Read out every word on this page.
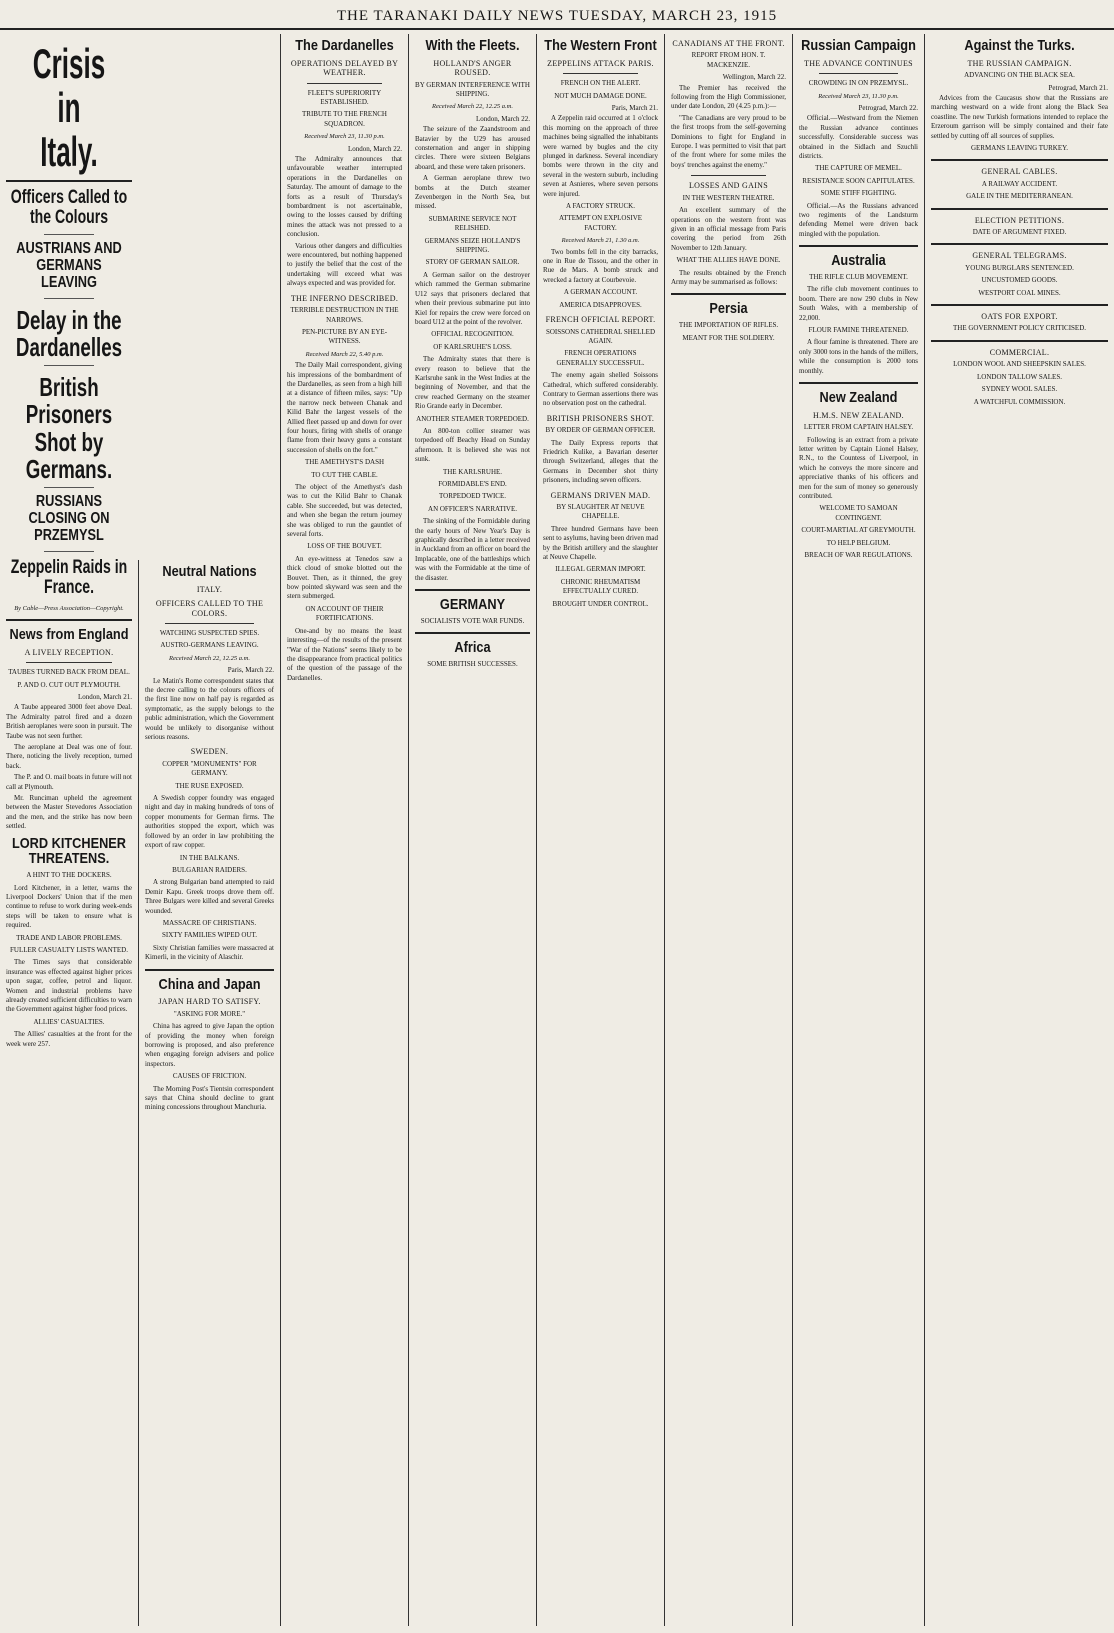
THE TARANAKI DAILY NEWS TUESDAY, MARCH 23, 1915
Crisis in Italy.
Officers Called to the Colours
AUSTRIANS AND GERMANS LEAVING
Delay in the Dardanelles
British Prisoners Shot by Germans.
RUSSIANS CLOSING ON PRZEMYSL
Zeppelin Raids in France.
By Cable—Press Association—Copyright.
News from England
A LIVELY RECEPTION.
TAUBES TURNED BACK FROM DEAL.
P. AND O. CUT OUT PLYMOUTH.
London, March 21.

A Taube appeared 3000 feet above Deal. The Admiralty patrol fired and a dozen British aeroplanes were soon in pursuit. The Taube was not seen further.

The aeroplane at Deal was one of four. There, noticing the lively reception, turned back.

The P. and O. mail boats in future will not call at Plymouth.

Mr. Runciman upheld the agreement between the Master Stevedores Association and the men, and the strike has now been settled.

LORD KITCHENER THREATENS.
A HINT TO THE DOCKERS.

Lord Kitchener, in a letter, warns the Liverpool Dockers' Union that if the men continue to refuse to work during week-ends steps will be taken to ensure what is required.

TRADE AND LABOR PROBLEMS.
FULLER CASUALTY LISTS WANTED.

The Times says that considerable insurance was effected against higher prices upon sugar, coffee, petrol and liquor. Women and industrial problems have already created sufficient difficulties to warn the Government against higher food prices.

ALLIES' CASUALTIES.

The Allies' casualties at the front for the week were 257.

Neutral Nations
ITALY.
OFFICERS CALLED TO THE COLORS.
WATCHING SUSPECTED SPIES.
AUSTRO-GERMANS LEAVING.
Received March 22, 12.25 a.m.
Paris, March 22.

Le Matin's Rome correspondent states that the decree calling to the colours officers of the first line now on half pay is regarded as symptomatic, as the supply belongs to the public administration, which the Government would be unlikely to disorganise without serious reasons.

SWEDEN.
COPPER "MONUMENTS" FOR GERMANY.
THE RUSE EXPOSED.

A Swedish copper foundry was engaged night and day in making hundreds of tons of copper monuments for German firms. The authorities stopped the export, which was followed by an order in law prohibiting the export of raw copper.

IN THE BALKANS.
BULGARIAN RAIDERS.

A strong Bulgarian band attempted to raid Demir Kapu. Greek troops drove them off. Three Bulgars were killed and several Greeks wounded.

MASSACRE OF CHRISTIANS.
SIXTY FAMILIES WIPED OUT.

Sixty Christian families were massacred at Kimerli, in the vicinity of Alaschir.

China and Japan
JAPAN HARD TO SATISFY.
"ASKING FOR MORE."

China has agreed to give Japan the option of providing the money when foreign borrowing is proposed, and also preference when engaging foreign advisers and police inspectors.

CAUSES OF FRICTION.

The Morning Post's Tientsin correspondent says that China should decline to grant mining concessions throughout Manchuria.

The Dardanelles
OPERATIONS DELAYED BY WEATHER.
FLEET'S SUPERIORITY ESTABLISHED.
TRIBUTE TO THE FRENCH SQUADRON.
Received March 23, 11.30 p.m.
London, March 22.

The Admiralty announces that unfavourable weather interrupted operations in the Dardanelles on Saturday. The amount of damage to the forts as a result of Thursday's bombardment is not ascertainable, owing to the losses caused by drifting mines the attack was not pressed to a conclusion.

Various other dangers and difficulties were encountered, but nothing happened to justify the belief that the cost of the undertaking will exceed what was always expected and was provided for.

THE INFERNO DESCRIBED.
TERRIBLE DESTRUCTION IN THE NARROWS.
PEN-PICTURE BY AN EYE-WITNESS.
Received March 22, 5.40 p.m.

The Daily Mail correspondent, giving his impressions of the bombardment of the Dardanelles, as seen from a high hill at a distance of fifteen miles, says: "Up the narrow neck between Chanak and Kilid Bahr the largest vessels of the Allied fleet passed up and down for over four hours, firing with shells of orange flame from their heavy guns a constant succession of shells on the fort."

THE AMETHYST'S DASH
TO CUT THE CABLE.

The object of the Amethyst's dash was to cut the Kilid Bahr to Chanak cable. She succeeded, but was detected, and when she began the return journey she was obliged to run the gauntlet of several forts.

LOSS OF THE BOUVET.

An eye-witness at Tenedos saw a thick cloud of smoke blotted out the Bouvet. Then, as it thinned, the grey bow pointed skyward was seen and the stern submerged.

ON ACCOUNT OF THEIR FORTIFICATIONS.

One-and by no means the least interesting—of the results of the present "War of the Nations" seems likely to be the disappearance from practical politics of the question of the passage of the Dardanelles.

With the Fleets.
HOLLAND'S ANGER ROUSED.
BY GERMAN INTERFERENCE WITH SHIPPING.
Received March 22, 12.25 a.m.
London, March 22.

The seizure of the Zaandstroom and Batavier by the U29 has aroused consternation and anger in shipping circles. There were sixteen Belgians aboard, and these were taken prisoners.

A German aeroplane threw two bombs at the Dutch steamer Zevenbergen in the North Sea, but missed.

SUBMARINE SERVICE NOT RELISHED.
GERMANS SEIZE HOLLAND'S SHIPPING.
STORY OF GERMAN SAILOR.

A German sailor on the destroyer which rammed the German submarine U12 says that prisoners declared that when their previous submarine put into Kiel for repairs the crew were forced on board U12 at the point of the revolver.

OFFICIAL RECOGNITION.
OF KARLSRUHE'S LOSS.

The Admiralty states that there is every reason to believe that the Karlsruhe sank in the West Indies at the beginning of November, and that the crew reached Germany on the steamer Rio Grande early in December.

ANOTHER STEAMER TORPEDOED.

An 800-ton collier steamer was torpedoed off Beachy Head on Sunday afternoon. It is believed she was not sunk.

THE KARLSRUHE.
FORMIDABLE'S END.
TORPEDOED TWICE.
AN OFFICER'S NARRATIVE.

The sinking of the Formidable during the early hours of New Year's Day is graphically described in a letter received in Auckland from an officer on board the Implacable, one of the battleships which was with the Formidable at the time of the disaster.

GERMANY
SOCIALISTS VOTE WAR FUNDS.
Africa
SOME BRITISH SUCCESSES.
The Western Front
ZEPPELINS ATTACK PARIS.
FRENCH ON THE ALERT.
NOT MUCH DAMAGE DONE.
Paris, March 21.

A Zeppelin raid occurred at 1 o'clock this morning on the approach of three machines being signalled the inhabitants were warned by bugles and the city plunged in darkness. Several incendiary bombs were thrown in the city and several in the western suburb, including seven at Asnieres, where seven persons were injured.

A FACTORY STRUCK.
ATTEMPT ON EXPLOSIVE FACTORY.
Received March 21, 1.30 a.m.

Two bombs fell in the city barracks, one in Rue de Tissou, and the other in Rue de Mars. A bomb struck and wrecked a factory at Courbevoie.

A GERMAN ACCOUNT.
AMERICA DISAPPROVES.
FRENCH OFFICIAL REPORT.
SOISSONS CATHEDRAL SHELLED AGAIN.
FRENCH OPERATIONS GENERALLY SUCCESSFUL.

The enemy again shelled Soissons Cathedral, which suffered considerably. Contrary to German assertions there was no observation post on the cathedral.

BRITISH PRISONERS SHOT.
BY ORDER OF GERMAN OFFICER.

The Daily Express reports that Friedrich Kulike, a Bavarian deserter through Switzerland, alleges that the Germans in December shot thirty prisoners, including seven officers.

GERMANS DRIVEN MAD.
BY SLAUGHTER AT NEUVE CHAPELLE.

Three hundred Germans have been sent to asylums, having been driven mad by the British artillery and the slaughter at Neuve Chapelle.

ILLEGAL GERMAN IMPORT.
CHRONIC RHEUMATISM EFFECTUALLY CURED.
BROUGHT UNDER CONTROL.
CANADIANS AT THE FRONT.
REPORT FROM HON. T. MACKENZIE.
Wellington, March 22.

The Premier has received the following from the High Commissioner, under date London, 20 (4.25 p.m.):—

"The Canadians are very proud to be the first troops from the self-governing Dominions to fight for England in Europe. I was permitted to visit that part of the front where for some miles the boys' trenches against the enemy."

LOSSES AND GAINS
IN THE WESTERN THEATRE.

An excellent summary of the operations on the western front was given in an official message from Paris covering the period from 26th November to 12th January.

WHAT THE ALLIES HAVE DONE.

The results obtained by the French Army may be summarised as follows:

Persia
THE IMPORTATION OF RIFLES.
MEANT FOR THE SOLDIERY.
Russian Campaign
THE ADVANCE CONTINUES
CROWDING IN ON PRZEMYSL.
Received March 23, 11.30 p.m.
Petrograd, March 22.

Official.—Westward from the Niemen the Russian advance continues successfully. Considerable success was obtained in the Sidlach and Szuchli districts.

THE CAPTURE OF MEMEL.
RESISTANCE SOON CAPITULATES.
SOME STIFF FIGHTING.

Official.—As the Russians advanced two regiments of the Landsturm defending Memel were driven back mingled with the population.

Australia
THE RIFLE CLUB MOVEMENT.

The rifle club movement continues to boom. There are now 290 clubs in New South Wales, with a membership of 22,000.

FLOUR FAMINE THREATENED.

A flour famine is threatened. There are only 3000 tons in the hands of the millers, while the consumption is 2000 tons monthly.

New Zealand
H.M.S. NEW ZEALAND.
LETTER FROM CAPTAIN HALSEY.

Following is an extract from a private letter written by Captain Lionel Halsey, R.N., to the Countess of Liverpool, in which he conveys the more sincere and appreciative thanks of his officers and men for the sum of money so generously contributed.

WELCOME TO SAMOAN CONTINGENT.
COURT-MARTIAL AT GREYMOUTH.
TO HELP BELGIUM.
BREACH OF WAR REGULATIONS.
Against the Turks.
THE RUSSIAN CAMPAIGN.
ADVANCING ON THE BLACK SEA.
Petrograd, March 21.

Advices from the Caucasus show that the Russians are marching westward on a wide front along the Black Sea coastline. The new Turkish formations intended to replace the Erzeroum garrison will be simply contained and their fate settled by cutting off all sources of supplies.

GERMANS LEAVING TURKEY.
GENERAL CABLES.
A RAILWAY ACCIDENT.
GALE IN THE MEDITERRANEAN.
ELECTION PETITIONS.
DATE OF ARGUMENT FIXED.
GENERAL TELEGRAMS.
YOUNG BURGLARS SENTENCED.
UNCUSTOMED GOODS.
WESTPORT COAL MINES.
OATS FOR EXPORT.
THE GOVERNMENT POLICY CRITICISED.
COMMERCIAL.
LONDON WOOL AND SHEEPSKIN SALES.
LONDON TALLOW SALES.
SYDNEY WOOL SALES.
A WATCHFUL COMMISSION.
